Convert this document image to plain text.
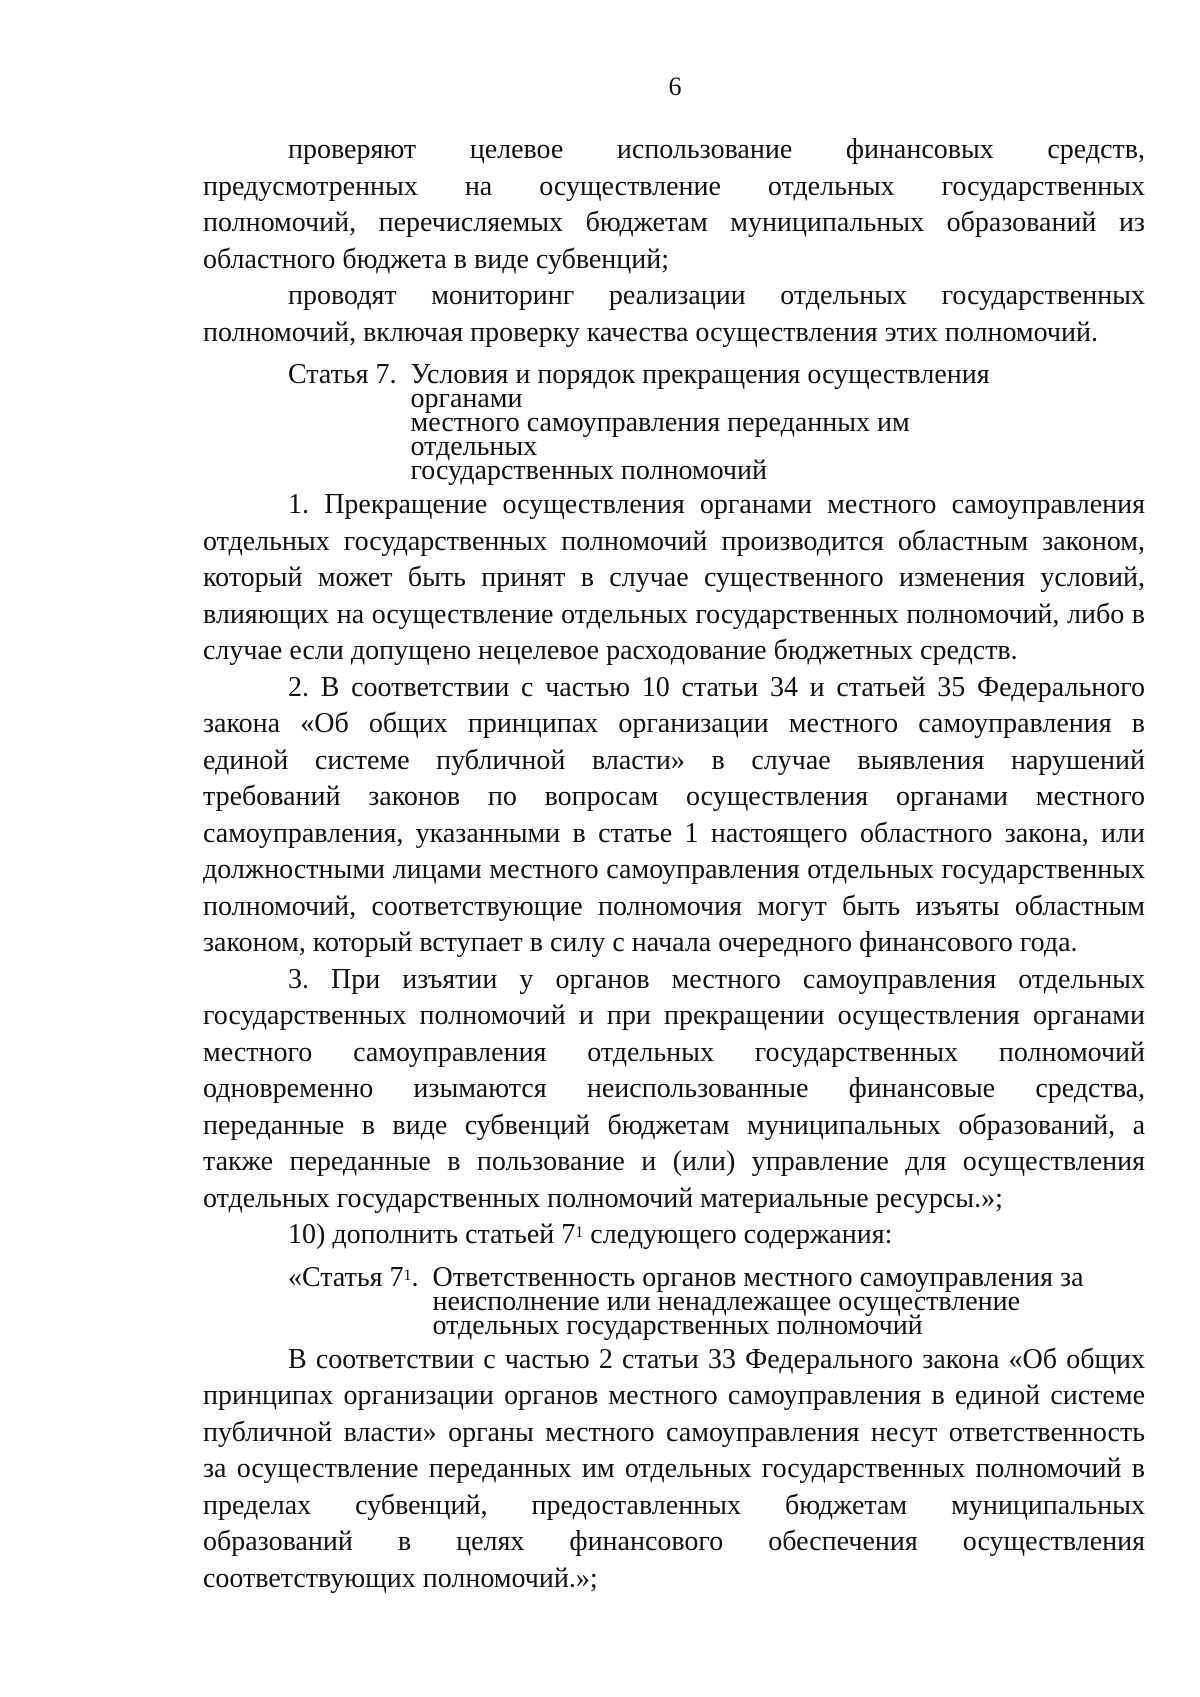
6

проверяют целевое использование финансовых средств, предусмотренных на осуществление отдельных государственных полномочий, перечисляемых бюджетам муниципальных образований из областного бюджета в виде субвенций;

проводят мониторинг реализации отдельных государственных полномочий, включая проверку качества осуществления этих полномочий.

Статья 7. Условия и порядок прекращения осуществления органами
местного самоуправления переданных им отдельных
государственных полномочий

1. Прекращение осуществления органами местного самоуправления отдельных государственных полномочий производится областным законом, который может быть принят в случае существенного изменения условий, влияющих на осуществление отдельных государственных полномочий, либо в случае если допущено нецелевое расходование бюджетных средств.

2. В соответствии с частью 10 статьи 34 и статьей 35 Федерального закона «Об общих принципах организации местного самоуправления в единой системе публичной власти» в случае выявления нарушений требований законов по вопросам осуществления органами местного самоуправления, указанными в статье 1 настоящего областного закона, или должностными лицами местного самоуправления отдельных государственных полномочий, соответствующие полномочия могут быть изъяты областным законом, который вступает в силу с начала очередного финансового года.

3. При изъятии у органов местного самоуправления отдельных государственных полномочий и при прекращении осуществления органами местного самоуправления отдельных государственных полномочий одновременно изымаются неиспользованные финансовые средства, переданные в виде субвенций бюджетам муниципальных образований, а также переданные в пользование и (или) управление для осуществления отдельных государственных полномочий материальные ресурсы.»;

10) дополнить статьей $7^1$ следующего содержания:

«Статья $7^1$. Ответственность органов местного самоуправления за
неисполнение или ненадлежащее осуществление
отдельных государственных полномочий

В соответствии с частью 2 статьи 33 Федерального закона «Об общих принципах организации органов местного самоуправления в единой системе публичной власти» органы местного самоуправления несут ответственность за осуществление переданных им отдельных государственных полномочий в пределах субвенций, предоставленных бюджетам муниципальных образований в целях финансового обеспечения осуществления соответствующих полномочий.»;
